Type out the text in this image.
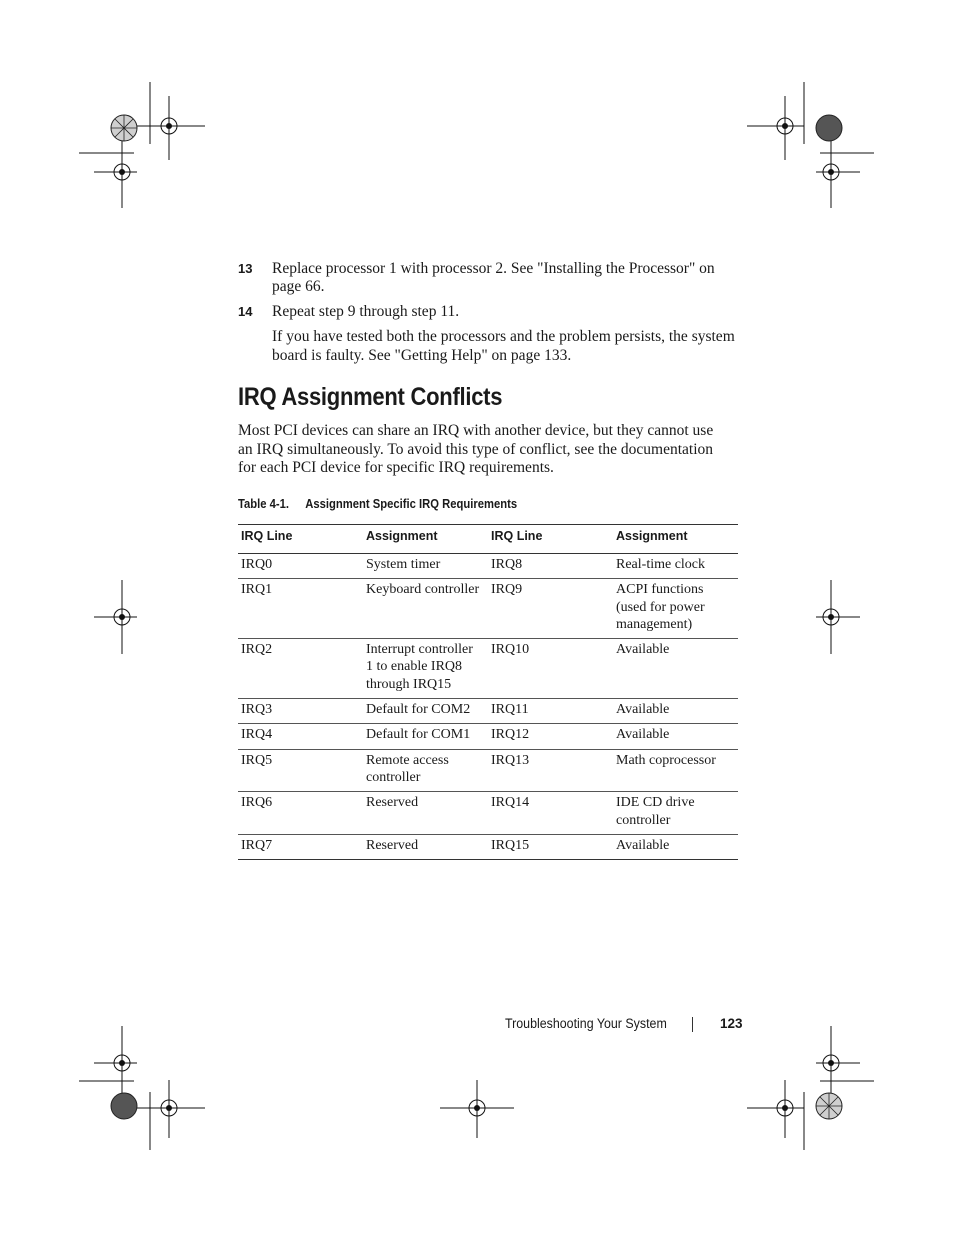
13	Replace processor 1 with processor 2. See "Installing the Processor" on
page 66.
14	Repeat step 9 through step 11.
If you have tested both the processors and the problem persists, the system
board is faulty. See "Getting Help" on page 133.
IRQ Assignment Conflicts
Most PCI devices can share an IRQ with another device, but they cannot use
an IRQ simultaneously. To avoid this type of conflict, see the documentation
for each PCI device for specific IRQ requirements.
Table 4-1. Assignment Specific IRQ Requirements
IRQ Line	Assignment	IRQ Line	Assignment
IRQ0	System timer	IRQ8	Real-time clock
IRQ1	Keyboard controller	IRQ9	ACPI functions (used for power management)
IRQ2	Interrupt controller 1 to enable IRQ8 through IRQ15	IRQ10	Available
IRQ3	Default for COM2	IRQ11	Available
IRQ4	Default for COM1	IRQ12	Available
IRQ5	Remote access controller	IRQ13	Math coprocessor
IRQ6	Reserved	IRQ14	IDE CD drive controller
IRQ7	Reserved	IRQ15	Available
Troubleshooting Your System	123
